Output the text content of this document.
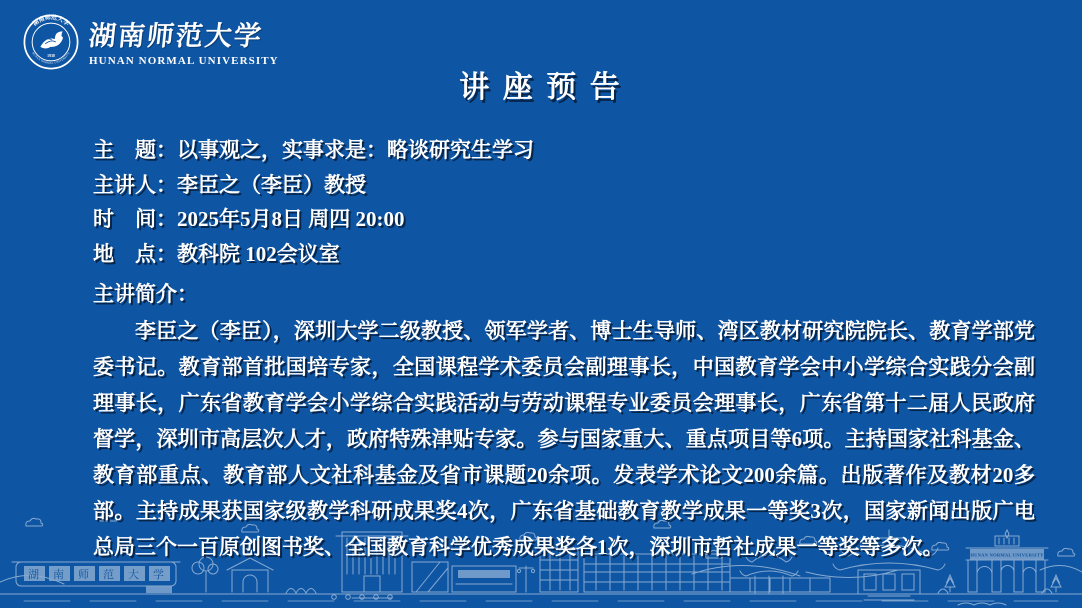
湖南师范大学
HUNAN NORMAL UNIVERSITY
1938
湖南师范大学
HUNAN NORMAL UNIVERSITY
讲 座 预 告
主　题：以事观之，实事求是：略谈研究生学习
主讲人：李臣之（李臣）教授
时　间：2025年5月8日 周四 20:00
地　点：教科院 102会议室
主讲简介：
李臣之（李臣），深圳大学二级教授、领军学者、博士生导师、湾区教材研究院院长、教育学部党委书记。教育部首批国培专家，全国课程学术委员会副理事长，中国教育学会中小学综合实践分会副理事长，广东省教育学会小学综合实践活动与劳动课程专业委员会理事长，广东省第十二届人民政府督学，深圳市高层次人才，政府特殊津贴专家。参与国家重大、重点项目等6项。主持国家社科基金、教育部重点、教育部人文社科基金及省市课题20余项。发表学术论文200余篇。出版著作及教材20多部。主持成果获国家级教学科研成果奖4次，广东省基础教育教学成果一等奖3次，国家新闻出版广电总局三个一百原创图书奖、全国教育科学优秀成果奖各1次，深圳市哲社成果一等奖等多次。
湖南师范大学
HUNAN NORMAL UNIVERSITY
